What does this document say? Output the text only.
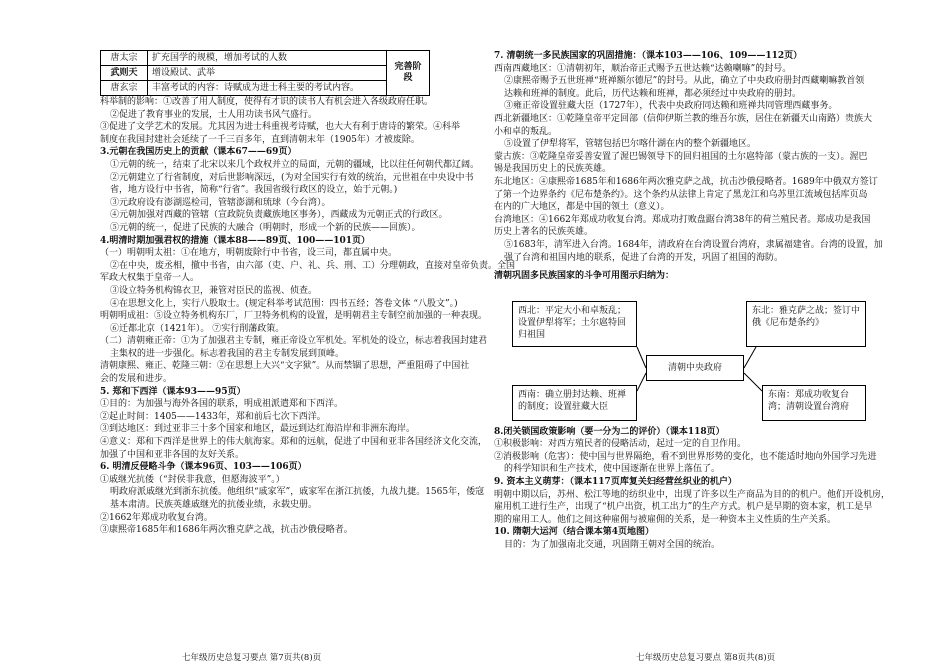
唐太宗	扩充国学的规模，增加考试的人数	完善阶段
武则天	增设殿试、武举	
唐玄宗	丰富考试的内容：诗赋成为进士科主要的考试内容。	
科举制的影响：①改善了用人制度，使得有才识的读书人有机会进入各级政府任职。
②促进了教育事业的发展，士人用功读书风气盛行。
③促进了文学艺术的发展。尤其因为进士科重视考诗赋，也大大有利于唐诗的繁荣。④科举
制度在我国封建社会延续了一千三百多年，直到清朝末年（1905年）才被废除。
3.元朝在我国历史上的贡献（课本67——69页）
①元朝的统一，结束了北宋以来几个政权并立的局面，元朝的疆域，比以往任何朝代都辽阔。
②元朝建立了行省制度，对后世影响深远，(为对全国实行有效的统治，元世祖在中央设中书
省，地方设行中书省，简称“行省”。我国省级行政区的设立，始于元朝。)
③元政府设有澎湖巡检司，管辖澎湖和琉球（今台湾）。
④元朝加强对西藏的管辖（宣政院负责藏族地区事务），西藏成为元朝正式的行政区。
⑤元朝的统一，促进了民族的大融合（明朝时，形成一个新的民族——回族）。
4.明清时期加强君权的措施（课本88——89页、100——101页）
（一）明朝明太祖：①在地方，明朝废除行中书省，设三司，都直属中央。
②在中央，废丞相，撤中书省，由六部（吏、户、礼、兵、刑、工）分理朝政，直接对皇帝负责。全国
军政大权集于皇帝一人。
③设立特务机构锦衣卫，兼管对臣民的监视、侦查。
④在思想文化上，实行八股取士。(规定科举考试范围：四书五经；答卷文体 “八股文”。)
明朝明成祖：⑤设立特务机构东厂，厂卫特务机构的设置，是明朝君主专制空前加强的一种表现。
⑥迁都北京（1421年）。 ⑦实行削藩政策。
（二）清朝雍正帝：①为了加强君主专制，雍正帝设立军机处。军机处的设立，标志着我国封建君
主集权的进一步强化。标志着我国的君主专制发展到顶峰。
清朝康熙、雍正、乾隆三朝：②在思想上大兴“文字狱”。从而禁锢了思想，严重阻碍了中国社
会的发展和进步。
5. 郑和下西洋（课本93——95页）
①目的：为加强与海外各国的联系，明成祖派遣郑和下西洋。
②起止时间：1405——1433年，郑和前后七次下西洋。
③到达地区：到过亚非三十多个国家和地区，最远到达红海沿岸和非洲东海岸。
④意义：郑和下西洋是世界上的伟大航海家。郑和的远航，促进了中国和亚非各国经济文化交流，
加强了中国和亚非各国的友好关系。
6. 明清反侵略斗争（课本96页、103——106页）
①戚继光抗倭（“封侯非我意，但愿海波平”。）
明政府派戚继光到浙东抗倭。他组织“戚家军”，戚家军在浙江抗倭，九战九捷。1565年，倭寇
基本肃清。民族英雄戚继光的抗倭业绩，永载史册。
②1662年郑成功收复台湾。
③康熙帝1685年和1686年两次雅克萨之战，抗击沙俄侵略者。
七年级历史总复习要点 第7页共(8)页
7. 清朝统一多民族国家的巩固措施：（课本103——106、109——112页）
西南西藏地区：①清朝初年，顺治帝正式赐予五世达赖“达赖喇嘛”的封号。
②康熙帝赐予五世班禅“班禅额尔德尼”的封号。从此，确立了中央政府册封西藏喇嘛教首领
达赖和班禅的制度。此后，历代达赖和班禅，都必须经过中央政府的册封。
③雍正帝设置驻藏大臣（1727年），代表中央政府同达赖和班禅共同管理西藏事务。
西北新疆地区：①乾隆皇帝平定回部（信仰伊斯兰教的维吾尔族，居住在新疆天山南路）贵族大
小和卓的叛乱。
⑤设置了伊犁将军，管辖包括巴尔喀什湖在内的整个新疆地区。
蒙古族：③乾隆皇帝妥善安置了渥巴锡领导下的回归祖国的土尔扈特部（蒙古族的一支）。渥巴
锡是我国历史上的民族英雄。
东北地区：④康熙帝1685年和1686年两次雅克萨之战，抗击沙俄侵略者。1689年中俄双方签订
了第一个边界条约《尼布楚条约》。这个条约从法律上肯定了黑龙江和乌苏里江流域包括库页岛
在内的广大地区，都是中国的领土（意义）。
台湾地区：④1662年郑成功收复台湾。郑成功打败盘踞台湾38年的荷兰殖民者。郑成功是我国
历史上著名的民族英雄。
⑤1683年，清军进入台湾。1684年，清政府在台湾设置台湾府，隶属福建省。台湾的设置，加
强了台湾和祖国内地的联系，促进了台湾的开发，巩固了祖国的海防。
清朝巩固多民族国家的斗争可用图示归纳为：
清朝中央政府
西北：平定大小和卓叛乱；设置伊犁将军；土尔扈特回归祖国
东北：雅克萨之战；签订中俄《尼布楚条约》
西南：确立册封达赖、班禅的制度；设置驻藏大臣
东南：郑成功收复台湾；清朝设置台湾府
8.闭关锁国政策影响（要一分为二的评价）（课本118页）
①积极影响：对西方殖民者的侵略活动，起过一定的自卫作用。
②消极影响（危害）：使中国与世界隔绝，看不到世界形势的变化，也不能适时地向外国学习先进
的科学知识和生产技术，使中国逐渐在世界上落伍了。
9. 资本主义萌芽：（课本117页库复关妇经营丝织业的机户）
明朝中期以后，苏州、松江等地的纺织业中，出现了许多以生产商品为目的的机户。他们开设机房，
雇用机工进行生产，出现了“机户出资，机工出力”的生产方式。机户是早期的资本家，机工是早
期的雇用工人。他们之间这种雇佣与被雇佣的关系，是一种资本主义性质的生产关系。
10. 隋朝大运河（结合课本第4页地图）
目的：为了加强南北交通，巩固隋王朝对全国的统治。
七年级历史总复习要点 第8页共(8)页
